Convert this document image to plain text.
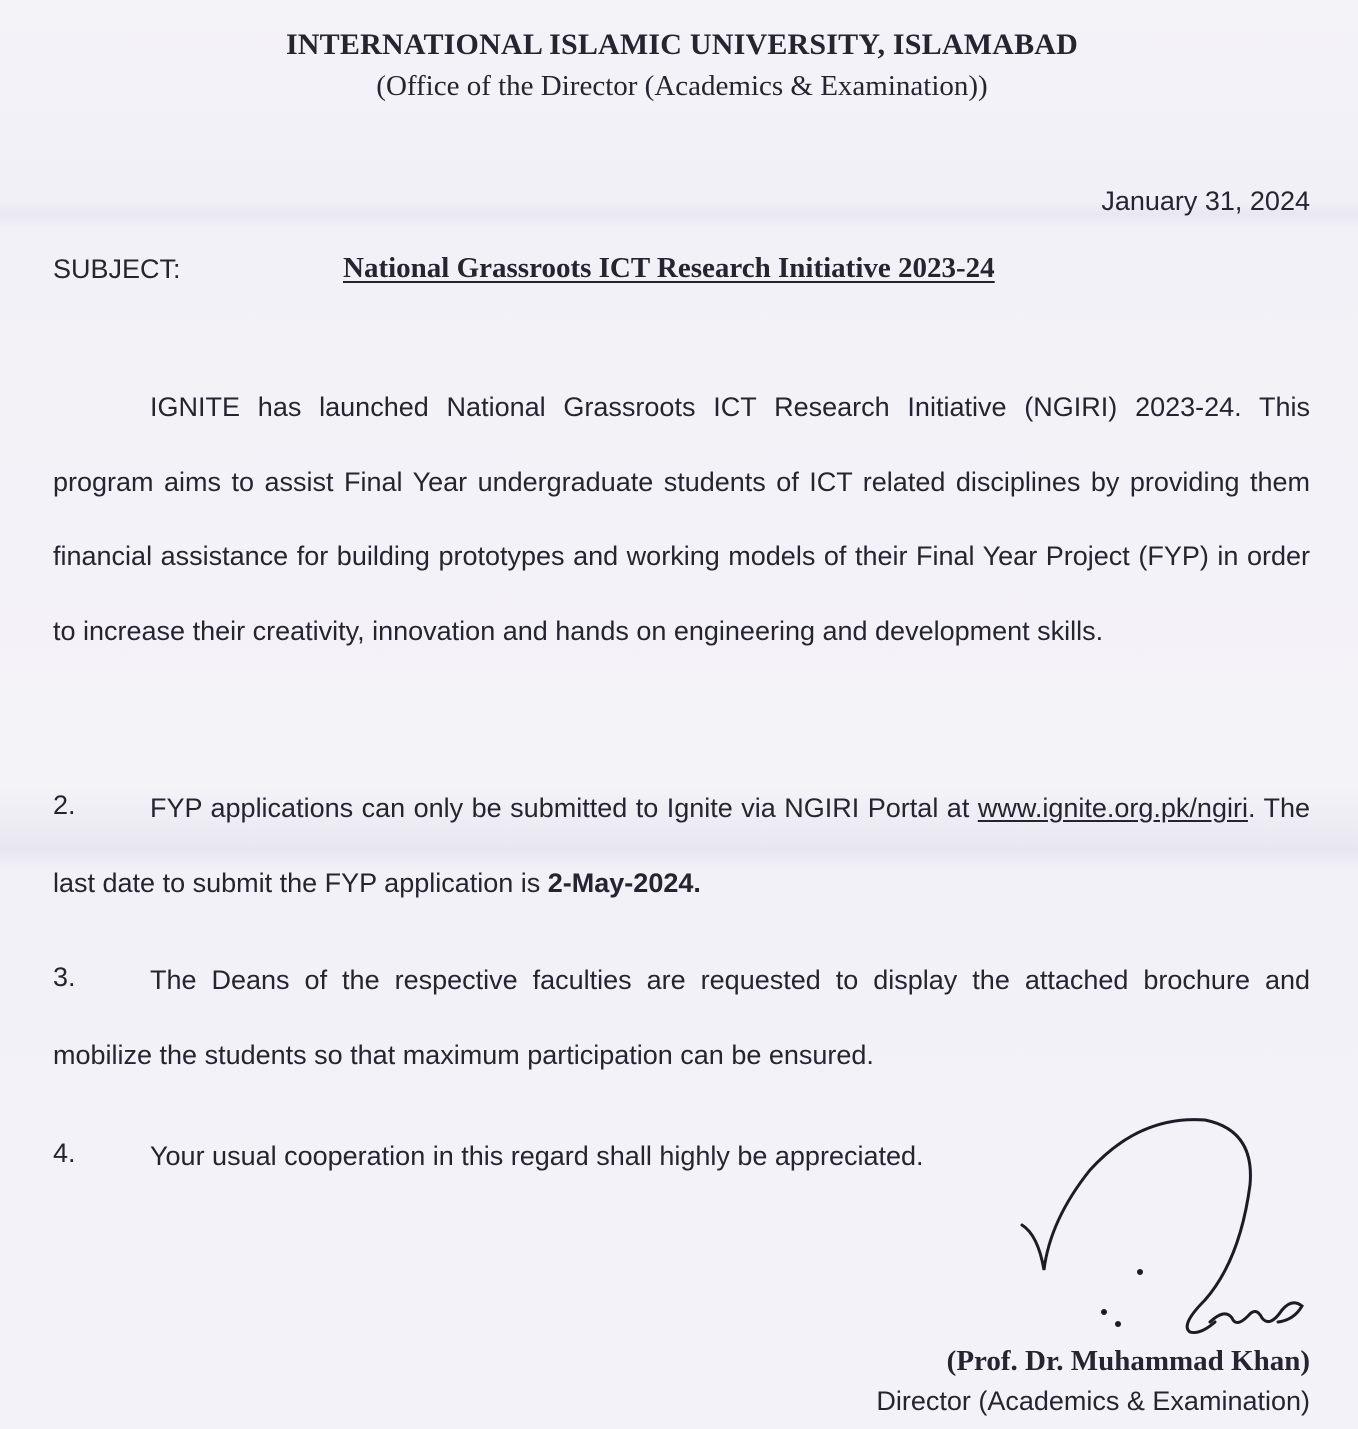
INTERNATIONAL ISLAMIC UNIVERSITY, ISLAMABAD
(Office of the Director (Academics & Examination))
January 31, 2024
SUBJECT:	National Grassroots ICT Research Initiative 2023-24
IGNITE has launched National Grassroots ICT Research Initiative (NGIRI) 2023-24. This program aims to assist Final Year undergraduate students of ICT related disciplines by providing them financial assistance for building prototypes and working models of their Final Year Project (FYP) in order to increase their creativity, innovation and hands on engineering and development skills.
2.	FYP applications can only be submitted to Ignite via NGIRI Portal at www.ignite.org.pk/ngiri. The last date to submit the FYP application is 2-May-2024.
3.	The Deans of the respective faculties are requested to display the attached brochure and mobilize the students so that maximum participation can be ensured.
4.	Your usual cooperation in this regard shall highly be appreciated.
(Prof. Dr. Muhammad Khan)
Director (Academics & Examination)
